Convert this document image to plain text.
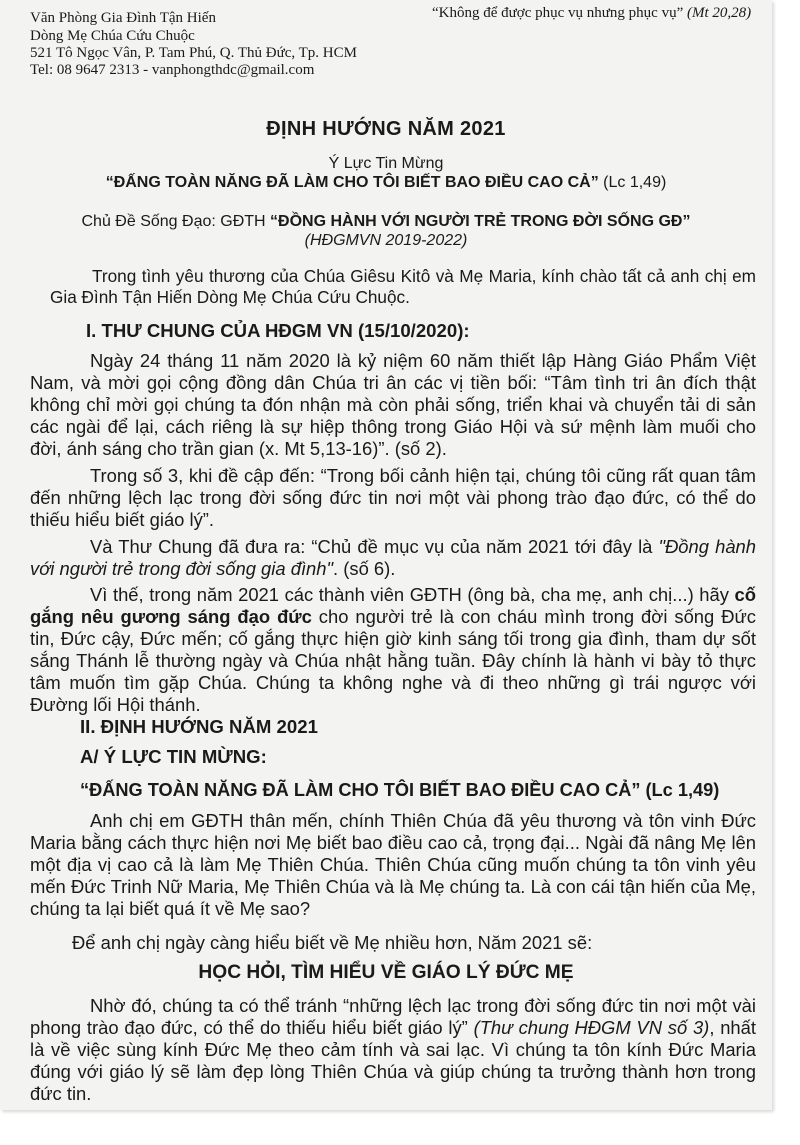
Văn Phòng Gia Đình Tận Hiến
Dòng Mẹ Chúa Cứu Chuộc
521 Tô Ngọc Vân, P. Tam Phú, Q. Thủ Đức, Tp. HCM
Tel: 08 9647 2313 - vanphongthdc@gmail.com
“Không để được phục vụ nhưng phục vụ” (Mt 20,28)
ĐỊNH HƯỚNG NĂM 2021
Ý Lực Tin Mừng
“ĐẤNG TOÀN NĂNG ĐÃ LÀM CHO TÔI BIẾT BAO ĐIỀU CAO CẢ” (Lc 1,49)
Chủ Đề Sống Đạo: GĐTH “ĐỒNG HÀNH VỚI NGƯỜI TRẺ TRONG ĐỜI SỐNG GĐ”
(HĐGMVN 2019-2022)
Trong tình yêu thương của Chúa Giêsu Kitô và Mẹ Maria, kính chào tất cả anh chị em Gia Đình Tận Hiến Dòng Mẹ Chúa Cứu Chuộc.
I. THƯ CHUNG CỦA HĐGM VN (15/10/2020):
Ngày 24 tháng 11 năm 2020 là kỷ niệm 60 năm thiết lập Hàng Giáo Phẩm Việt Nam, và mời gọi cộng đồng dân Chúa tri ân các vị tiền bối: “Tâm tình tri ân đích thật không chỉ mời gọi chúng ta đón nhận mà còn phải sống, triển khai và chuyển tải di sản các ngài để lại, cách riêng là sự hiệp thông trong Giáo Hội và sứ mệnh làm muối cho đời, ánh sáng cho trần gian (x. Mt 5,13-16)”. (số 2).
Trong số 3, khi đề cập đến: “Trong bối cảnh hiện tại, chúng tôi cũng rất quan tâm đến những lệch lạc trong đời sống đức tin nơi một vài phong trào đạo đức, có thể do thiếu hiểu biết giáo lý”.
Và Thư Chung đã đưa ra: “Chủ đề mục vụ của năm 2021 tới đây là "Đồng hành với người trẻ trong đời sống gia đình". (số 6).
Vì thế, trong năm 2021 các thành viên GĐTH (ông bà, cha mẹ, anh chị...) hãy cố gắng nêu gương sáng đạo đức cho người trẻ là con cháu mình trong đời sống Đức tin, Đức cậy, Đức mến; cố gắng thực hiện giờ kinh sáng tối trong gia đình, tham dự sốt sắng Thánh lễ thường ngày và Chúa nhật hằng tuần. Đây chính là hành vi bày tỏ thực tâm muốn tìm gặp Chúa. Chúng ta không nghe và đi theo những gì trái ngược với Đường lối Hội thánh.
II. ĐỊNH HƯỚNG NĂM 2021
A/ Ý LỰC TIN MỪNG:
“ĐẤNG TOÀN NĂNG ĐÃ LÀM CHO TÔI BIẾT BAO ĐIỀU CAO CẢ” (Lc 1,49)
Anh chị em GĐTH thân mến, chính Thiên Chúa đã yêu thương và tôn vinh Đức Maria bằng cách thực hiện nơi Mẹ biết bao điều cao cả, trọng đại... Ngài đã nâng Mẹ lên một địa vị cao cả là làm Mẹ Thiên Chúa. Thiên Chúa cũng muốn chúng ta tôn vinh yêu mến Đức Trinh Nữ Maria, Mẹ Thiên Chúa và là Mẹ chúng ta. Là con cái tận hiến của Mẹ, chúng ta lại biết quá ít về Mẹ sao?
Để anh chị ngày càng hiểu biết về Mẹ nhiều hơn, Năm 2021 sẽ:
HỌC HỎI, TÌM HIỂU VỀ GIÁO LÝ ĐỨC MẸ
Nhờ đó, chúng ta có thể tránh “những lệch lạc trong đời sống đức tin nơi một vài phong trào đạo đức, có thể do thiếu hiểu biết giáo lý” (Thư chung HĐGM VN số 3), nhất là về việc sùng kính Đức Mẹ theo cảm tính và sai lạc. Vì chúng ta tôn kính Đức Maria đúng với giáo lý sẽ làm đẹp lòng Thiên Chúa và giúp chúng ta trưởng thành hơn trong đức tin.
